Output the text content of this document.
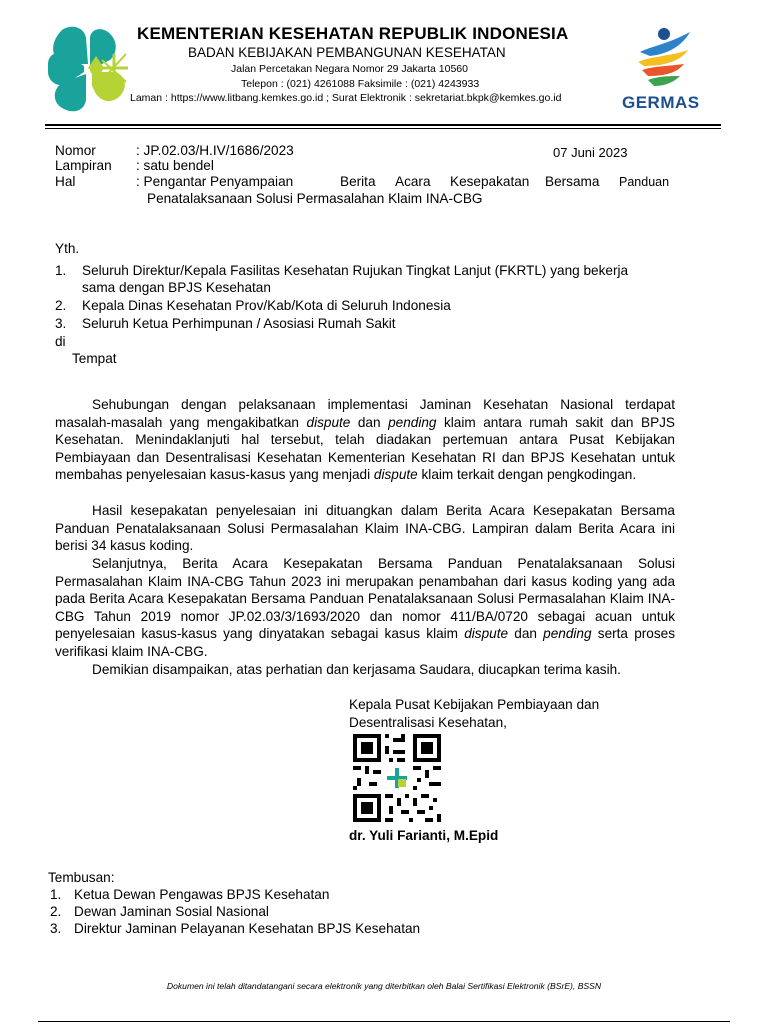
KEMENTERIAN KESEHATAN REPUBLIK INDONESIA
BADAN KEBIJAKAN PEMBANGUNAN KESEHATAN
Jalan Percetakan Negara Nomor 29 Jakarta 10560
Telepon : (021) 4261088 Faksimile : (021) 4243933
Laman : https://www.litbang.kemkes.go.id ; Surat Elektronik : sekretariat.bkpk@kemkes.go.id	GERMAS
Nomor	: JP.02.03/H.IV/1686/2023	07 Juni 2023
Lampiran : satu bendel
Hal	: Pengantar Penyampaian	Berita Acara Kesepakatan Bersama Panduan
Penatalaksanaan Solusi Permasalahan Klaim INA-CBG
Yth.
1.	Seluruh Direktur/Kepala Fasilitas Kesehatan Rujukan Tingkat Lanjut (FKRTL) yang bekerja
sama dengan BPJS Kesehatan
2.	Kepala Dinas Kesehatan Prov/Kab/Kota di Seluruh Indonesia
3.	Seluruh Ketua Perhimpunan / Asosiasi Rumah Sakit
di
Tempat
Sehubungan dengan pelaksanaan implementasi Jaminan Kesehatan Nasional terdapat masalah-masalah yang mengakibatkan dispute dan pending klaim antara rumah sakit dan BPJS Kesehatan. Menindaklanjuti hal tersebut, telah diadakan pertemuan antara Pusat Kebijakan Pembiayaan dan Desentralisasi Kesehatan Kementerian Kesehatan RI dan BPJS Kesehatan untuk membahas penyelesaian kasus-kasus yang menjadi dispute klaim terkait dengan pengkodingan.
Hasil kesepakatan penyelesaian ini dituangkan dalam Berita Acara Kesepakatan Bersama Panduan Penatalaksanaan Solusi Permasalahan Klaim INA-CBG. Lampiran dalam Berita Acara ini berisi 34 kasus koding.
Selanjutnya, Berita Acara Kesepakatan Bersama Panduan Penatalaksanaan Solusi Permasalahan Klaim INA-CBG Tahun 2023 ini merupakan penambahan dari kasus koding yang ada pada Berita Acara Kesepakatan Bersama Panduan Penatalaksanaan Solusi Permasalahan Klaim INA-CBG Tahun 2019 nomor JP.02.03/3/1693/2020 dan nomor 411/BA/0720 sebagai acuan untuk penyelesaian kasus-kasus yang dinyatakan sebagai kasus klaim dispute dan pending serta proses verifikasi klaim INA-CBG.
Demikian disampaikan, atas perhatian dan kerjasama Saudara, diucapkan terima kasih.
Kepala Pusat Kebijakan Pembiayaan dan
Desentralisasi Kesehatan,
dr. Yuli Farianti, M.Epid
Tembusan:
1. Ketua Dewan Pengawas BPJS Kesehatan
2. Dewan Jaminan Sosial Nasional
3. Direktur Jaminan Pelayanan Kesehatan BPJS Kesehatan
Dokumen ini telah ditandatangani secara elektronik yang diterbitkan oleh Balai Sertifikasi Elektronik (BSrE), BSSN
